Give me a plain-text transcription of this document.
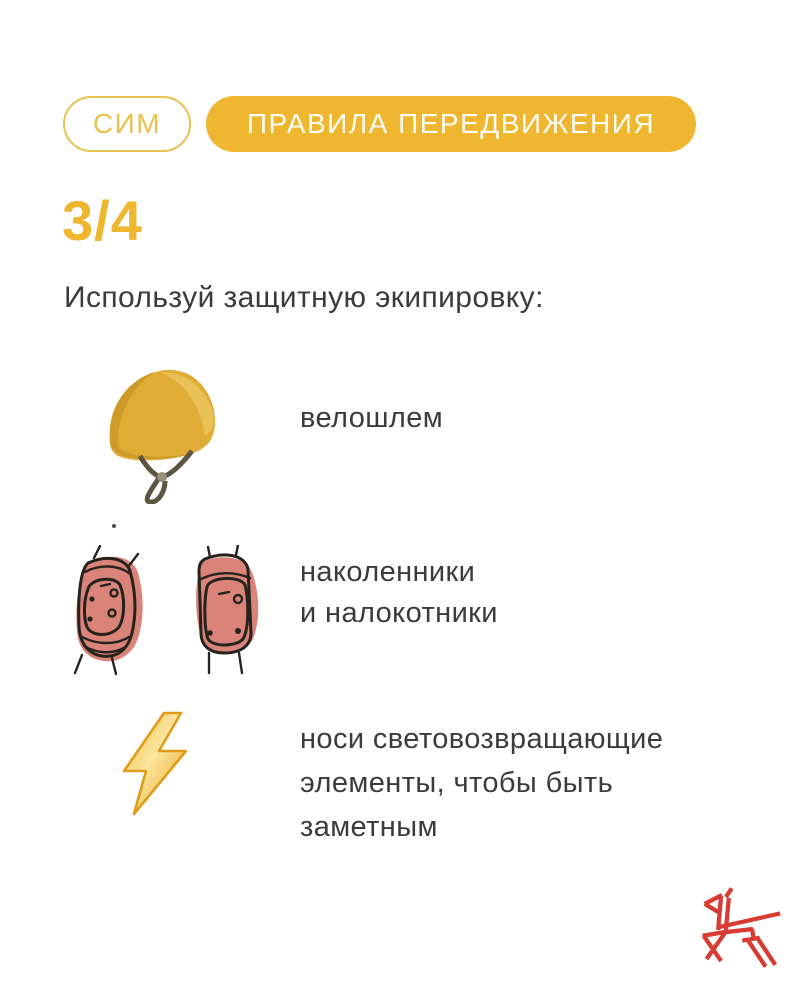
СИМ	ПРАВИЛА ПЕРЕДВИЖЕНИЯ
3/4
Используй защитную экипировку:
велошлем
наколенники
и налокотники
носи световозвращающие
элементы, чтобы быть
заметным
